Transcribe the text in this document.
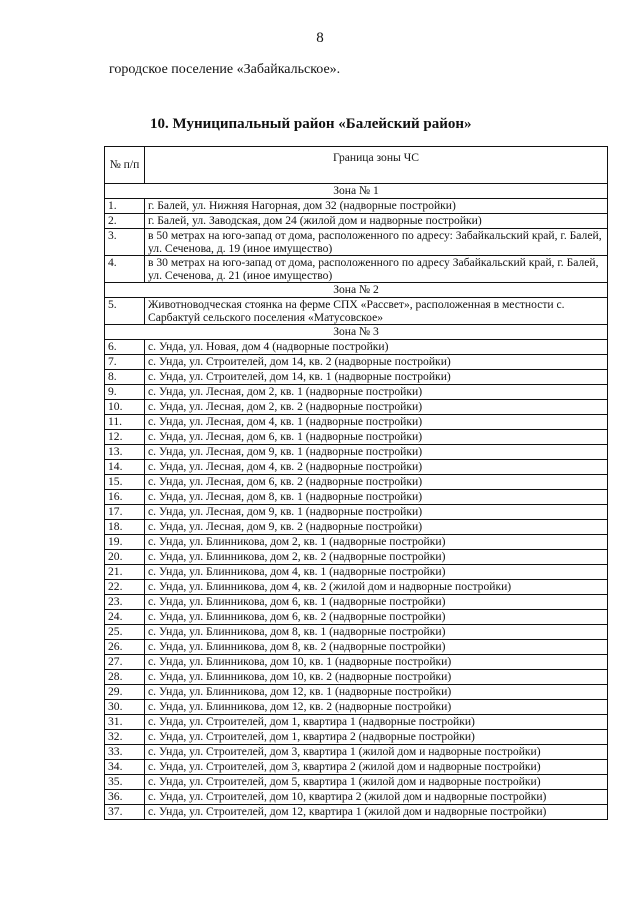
8
городское поселение «Забайкальское».
10. Муниципальный район «Балейский район»
№ п/п	Граница зоны ЧС
Зона № 1	
1.	г. Балей, ул. Нижняя Нагорная, дом 32 (надворные постройки)
2.	г. Балей, ул. Заводская, дом 24 (жилой дом и надворные постройки)
3.	в 50 метрах на юго-запад от дома, расположенного по адресу: Забайкальский край, г. Балей, ул. Сеченова, д. 19 (иное имущество)
4.	в 30 метрах на юго-запад от дома, расположенного по адресу Забайкальский край, г. Балей, ул. Сеченова, д. 21 (иное имущество)
Зона № 2	
5.	Животноводческая стоянка на ферме СПХ «Рассвет», расположенная в местности с. Сарбактуй сельского поселения «Матусовское»
Зона № 3	
6.	с. Унда, ул. Новая, дом 4 (надворные постройки)
7.	с. Унда, ул. Строителей, дом 14, кв. 2 (надворные постройки)
8.	с. Унда, ул. Строителей, дом 14, кв. 1 (надворные постройки)
9.	с. Унда, ул. Лесная, дом 2, кв. 1 (надворные постройки)
10.	с. Унда, ул. Лесная, дом 2, кв. 2 (надворные постройки)
11.	с. Унда, ул. Лесная, дом 4, кв. 1 (надворные постройки)
12.	с. Унда, ул. Лесная, дом 6, кв. 1 (надворные постройки)
13.	с. Унда, ул. Лесная, дом 9, кв. 1 (надворные постройки)
14.	с. Унда, ул. Лесная, дом 4, кв. 2 (надворные постройки)
15.	с. Унда, ул. Лесная, дом 6, кв. 2 (надворные постройки)
16.	с. Унда, ул. Лесная, дом 8, кв. 1 (надворные постройки)
17.	с. Унда, ул. Лесная, дом 9, кв. 1 (надворные постройки)
18.	с. Унда, ул. Лесная, дом 9, кв. 2 (надворные постройки)
19.	с. Унда, ул. Блинникова, дом 2, кв. 1 (надворные постройки)
20.	с. Унда, ул. Блинникова, дом 2, кв. 2 (надворные постройки)
21.	с. Унда, ул. Блинникова, дом 4, кв. 1 (надворные постройки)
22.	с. Унда, ул. Блинникова, дом 4, кв. 2 (жилой дом и надворные постройки)
23.	с. Унда, ул. Блинникова, дом 6, кв. 1 (надворные постройки)
24.	с. Унда, ул. Блинникова, дом 6, кв. 2 (надворные постройки)
25.	с. Унда, ул. Блинникова, дом 8, кв. 1 (надворные постройки)
26.	с. Унда, ул. Блинникова, дом 8, кв. 2 (надворные постройки)
27.	с. Унда, ул. Блинникова, дом 10, кв. 1 (надворные постройки)
28.	с. Унда, ул. Блинникова, дом 10, кв. 2 (надворные постройки)
29.	с. Унда, ул. Блинникова, дом 12, кв. 1 (надворные постройки)
30.	с. Унда, ул. Блинникова, дом 12, кв. 2 (надворные постройки)
31.	с. Унда, ул. Строителей, дом 1, квартира 1 (надворные постройки)
32.	с. Унда, ул. Строителей, дом 1, квартира 2 (надворные постройки)
33.	с. Унда, ул. Строителей, дом 3, квартира 1 (жилой дом и надворные постройки)
34.	с. Унда, ул. Строителей, дом 3, квартира 2 (жилой дом и надворные постройки)
35.	с. Унда, ул. Строителей, дом 5, квартира 1 (жилой дом и надворные постройки)
36.	с. Унда, ул. Строителей, дом 10, квартира 2 (жилой дом и надворные постройки)
37.	с. Унда, ул. Строителей, дом 12, квартира 1 (жилой дом и надворные постройки)
